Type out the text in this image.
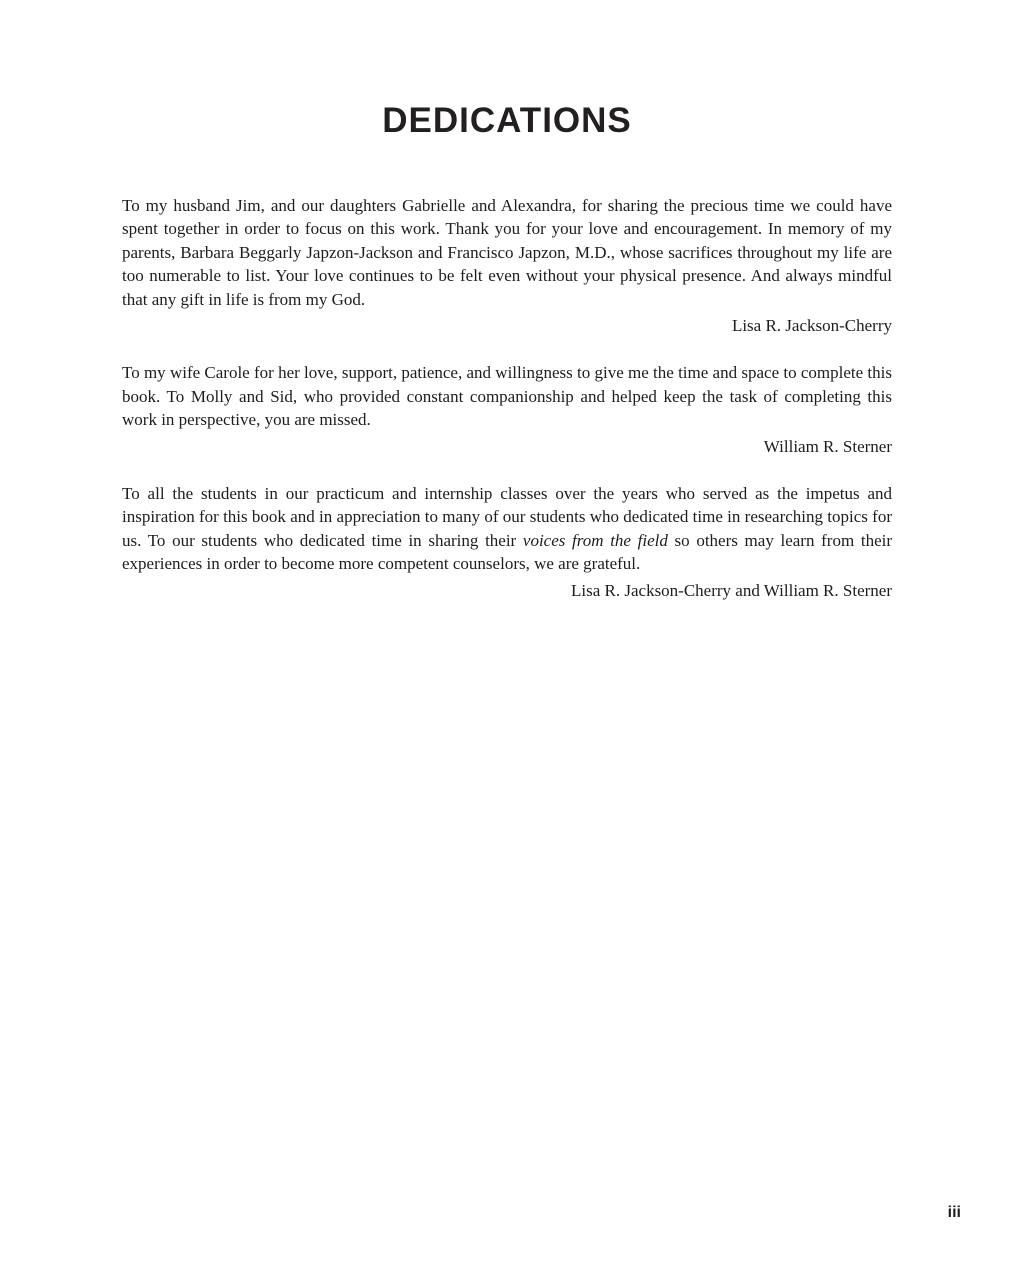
DEDICATIONS

To my husband Jim, and our daughters Gabrielle and Alexandra, for sharing the precious time we could have spent together in order to focus on this work. Thank you for your love and encouragement. In memory of my parents, Barbara Beggarly Japzon-Jackson and Francisco Japzon, M.D., whose sacrifices throughout my life are too numerable to list. Your love continues to be felt even without your physical presence. And always mindful that any gift in life is from my God.

Lisa R. Jackson-Cherry

To my wife Carole for her love, support, patience, and willingness to give me the time and space to complete this book. To Molly and Sid, who provided constant companionship and helped keep the task of completing this work in perspective, you are missed.

William R. Sterner

To all the students in our practicum and internship classes over the years who served as the impetus and inspiration for this book and in appreciation to many of our students who dedicated time in researching topics for us. To our students who dedicated time in sharing their voices from the field so others may learn from their experiences in order to become more competent counselors, we are grateful.

Lisa R. Jackson-Cherry and William R. Sterner
iii
